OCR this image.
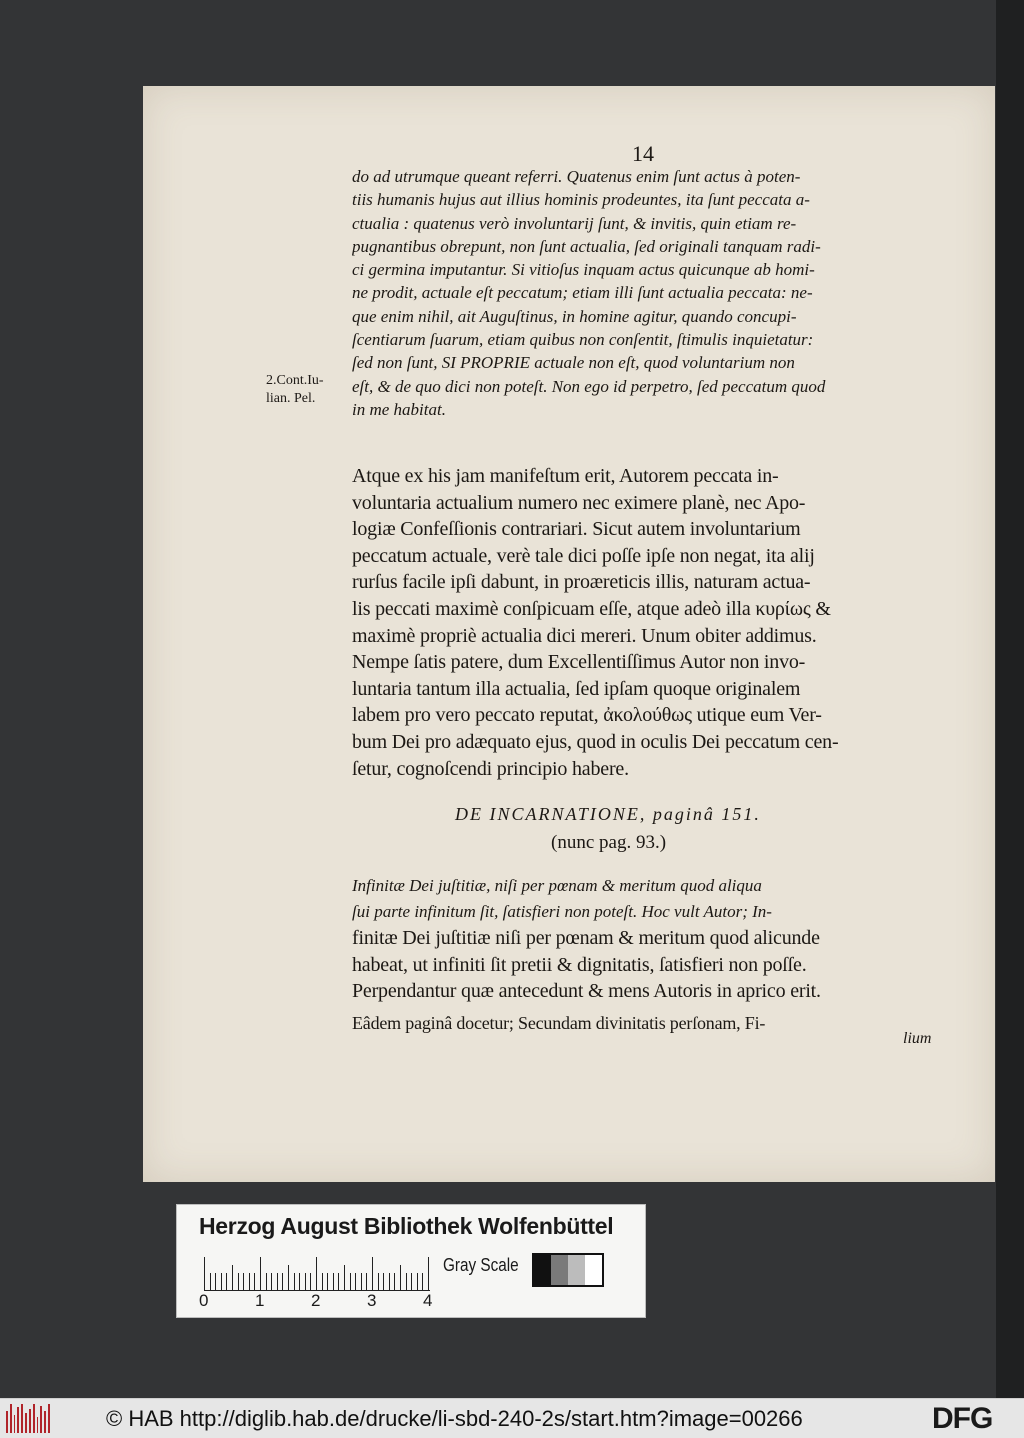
14
2.Cont.Iu-
lian. Pel.
do ad utrumque queant referri. Quatenus enim ſunt actus à poten-
tiis humanis hujus aut illius hominis prodeuntes, ita ſunt peccata a-
ctualia : quatenus verò involuntarij ſunt, & invitis, quin etiam re-
pugnantibus obrepunt, non ſunt actualia, ſed originali tanquam radi-
ci germina imputantur. Si vitioſus inquam actus quicunque ab homi-
ne prodit, actuale eſt peccatum; etiam illi ſunt actualia peccata: ne-
que enim nihil, ait Auguſtinus, in homine agitur, quando concupi-
ſcentiarum ſuarum, etiam quibus non conſentit, ſtimulis inquietatur:
ſed non ſunt, SI PROPRIE actuale non eſt, quod voluntarium non
eſt, & de quo dici non poteſt. Non ego id perpetro, ſed peccatum quod
in me habitat.
Atque ex his jam manifeſtum erit, Autorem peccata in-
voluntaria actualium numero nec eximere planè, nec Apo-
logiæ Confeſſionis contrariari. Sicut autem involuntarium
peccatum actuale, verè tale dici poſſe ipſe non negat, ita alij
rurſus facile ipſi dabunt, in proæreticis illis, naturam actua-
lis peccati maximè conſpicuam eſſe, atque adeò illa κυρίως &
maximè propriè actualia dici mereri. Unum obiter addimus.
Nempe ſatis patere, dum Excellentiſſimus Autor non invo-
luntaria tantum illa actualia, ſed ipſam quoque originalem
labem pro vero peccato reputat, ἀκολούθως utique eum Ver-
bum Dei pro adæquato ejus, quod in oculis Dei peccatum cen-
ſetur, cognoſcendi principio habere.
DE INCARNATIONE, paginâ 151.
(nunc pag. 93.)
Infinitæ Dei juſtitiæ, niſi per pœnam & meritum quod aliqua
ſui parte infinitum ſit, ſatisfieri non poteſt. Hoc vult Autor; In-
finitæ Dei juſtitiæ niſi per pœnam & meritum quod alicunde
habeat, ut infiniti ſit pretii & dignitatis, ſatisfieri non poſſe.
Perpendantur quæ antecedunt & mens Autoris in aprico erit.
Eâdem paginâ docetur; Secundam divinitatis perſonam, Fi-
lium
Herzog August Bibliothek Wolfenbüttel
0	1	2	3	4
Gray Scale
© HAB http://diglib.hab.de/drucke/li-sbd-240-2s/start.htm?image=00266	DFG
